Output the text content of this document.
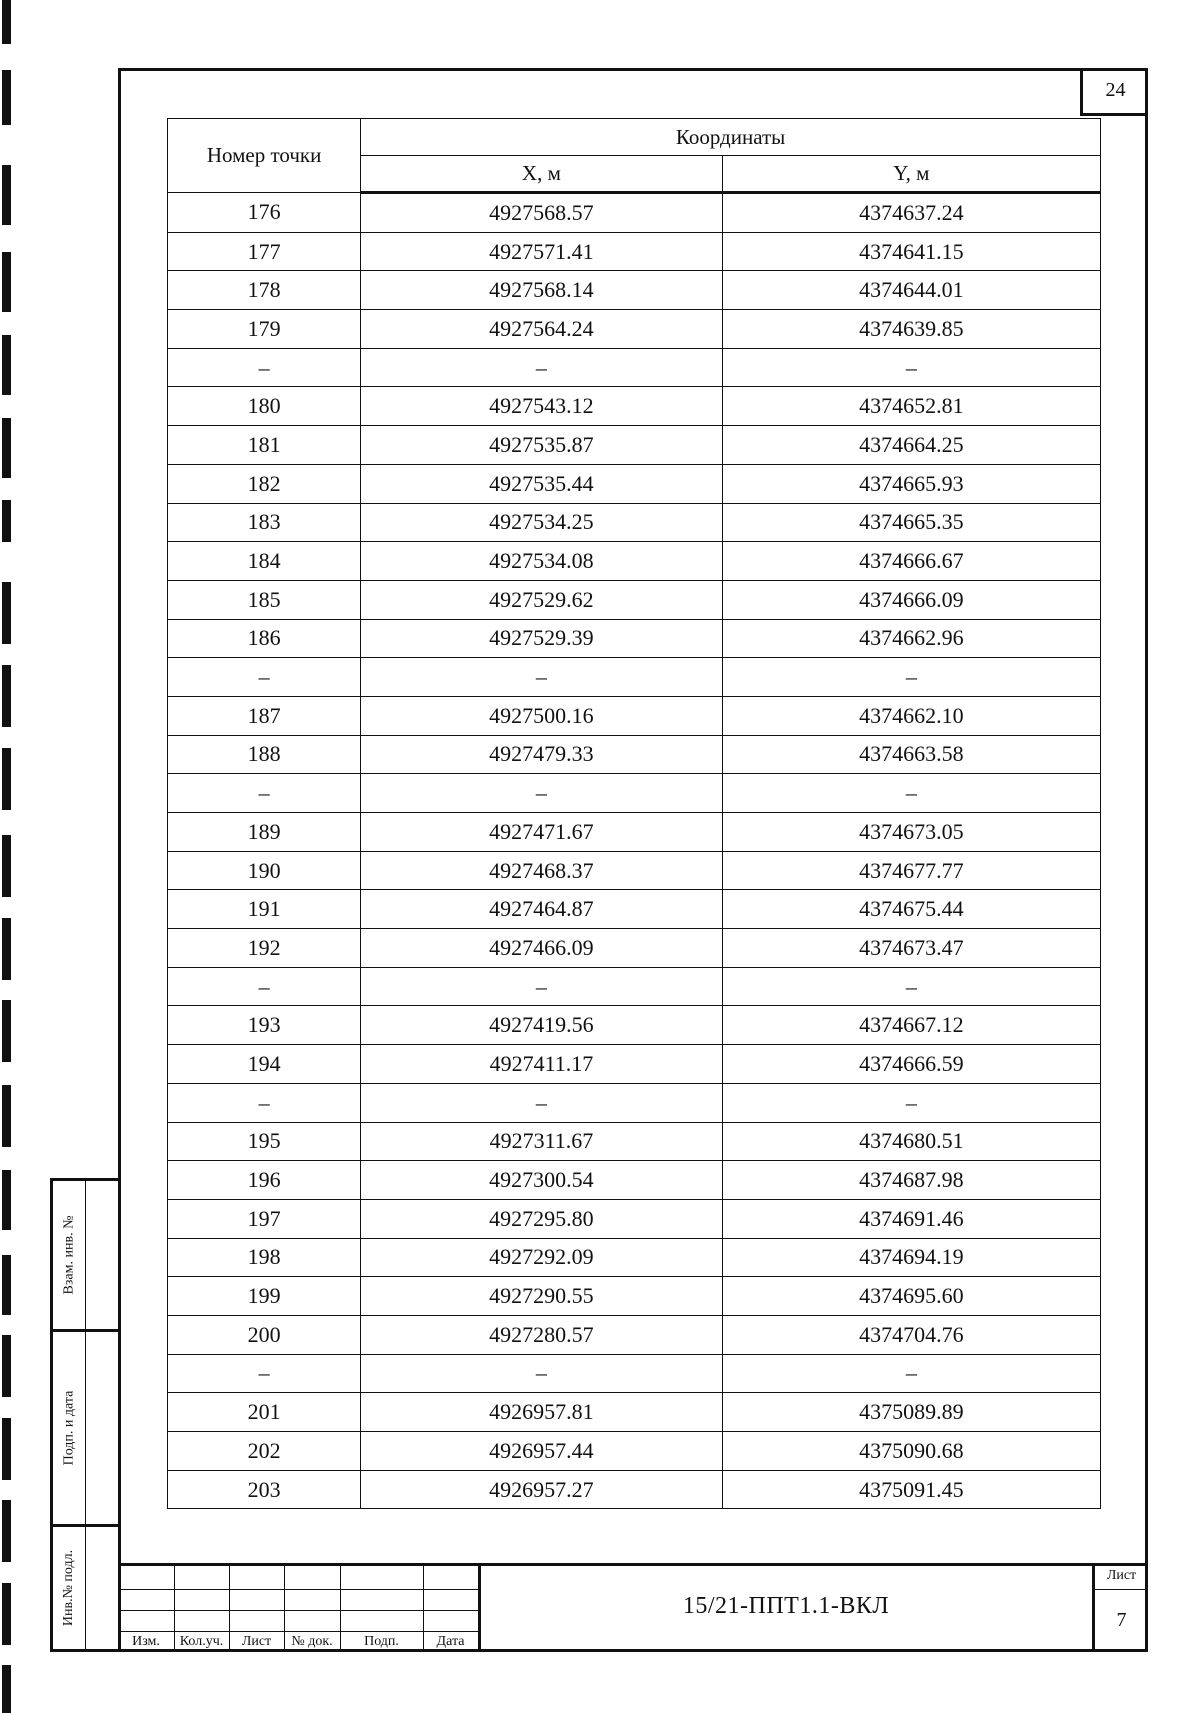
24
Номер точки	Координаты	
	X, м	Y, м
176	4927568.57	4374637.24
177	4927571.41	4374641.15
178	4927568.14	4374644.01
179	4927564.24	4374639.85
–	–	–
180	4927543.12	4374652.81
181	4927535.87	4374664.25
182	4927535.44	4374665.93
183	4927534.25	4374665.35
184	4927534.08	4374666.67
185	4927529.62	4374666.09
186	4927529.39	4374662.96
–	–	–
187	4927500.16	4374662.10
188	4927479.33	4374663.58
–	–	–
189	4927471.67	4374673.05
190	4927468.37	4374677.77
191	4927464.87	4374675.44
192	4927466.09	4374673.47
–	–	–
193	4927419.56	4374667.12
194	4927411.17	4374666.59
–	–	–
195	4927311.67	4374680.51
196	4927300.54	4374687.98
197	4927295.80	4374691.46
198	4927292.09	4374694.19
199	4927290.55	4374695.60
200	4927280.57	4374704.76
–	–	–
201	4926957.81	4375089.89
202	4926957.44	4375090.68
203	4926957.27	4375091.45
Взам. инв. №
Подп. и дата
Инв.№ подл.
Изм.	Кол.уч.	Лист	№ док.	Подп.	Дата
15/21-ППТ1.1-ВКЛ
Лист
7
